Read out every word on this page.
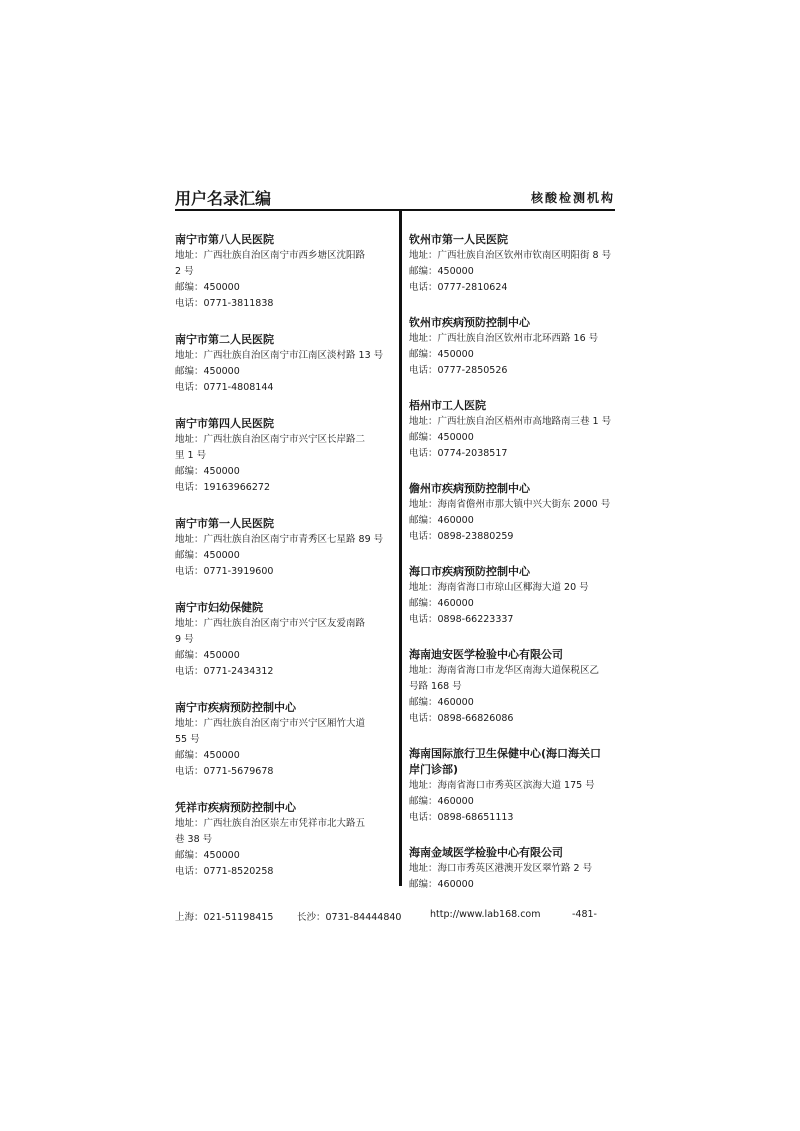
用户名录汇编	核酸检测机构
南宁市第八人民医院
地址：广西壮族自治区南宁市西乡塘区沈阳路
2 号
邮编：450000
电话：0771-3811838
南宁市第二人民医院
地址：广西壮族自治区南宁市江南区淡村路 13 号
邮编：450000
电话：0771-4808144
南宁市第四人民医院
地址：广西壮族自治区南宁市兴宁区长岸路二
里 1 号
邮编：450000
电话：19163966272
南宁市第一人民医院
地址：广西壮族自治区南宁市青秀区七星路 89 号
邮编：450000
电话：0771-3919600
南宁市妇幼保健院
地址：广西壮族自治区南宁市兴宁区友爱南路
9 号
邮编：450000
电话：0771-2434312
南宁市疾病预防控制中心
地址：广西壮族自治区南宁市兴宁区厢竹大道
55 号
邮编：450000
电话：0771-5679678
凭祥市疾病预防控制中心
地址：广西壮族自治区崇左市凭祥市北大路五
巷 38 号
邮编：450000
电话：0771-8520258
钦州市第一人民医院
地址：广西壮族自治区钦州市钦南区明阳街 8 号
邮编：450000
电话：0777-2810624
钦州市疾病预防控制中心
地址：广西壮族自治区钦州市北环西路 16 号
邮编：450000
电话：0777-2850526
梧州市工人医院
地址：广西壮族自治区梧州市高地路南三巷 1 号
邮编：450000
电话：0774-2038517
儋州市疾病预防控制中心
地址：海南省儋州市那大镇中兴大街东 2000 号
邮编：460000
电话：0898-23880259
海口市疾病预防控制中心
地址：海南省海口市琼山区椰海大道 20 号
邮编：460000
电话：0898-66223337
海南迪安医学检验中心有限公司
地址：海南省海口市龙华区南海大道保税区乙
号路 168 号
邮编：460000
电话：0898-66826086
海南国际旅行卫生保健中心(海口海关口
岸门诊部)
地址：海南省海口市秀英区滨海大道 175 号
邮编：460000
电话：0898-68651113
海南金域医学检验中心有限公司
地址：海口市秀英区港澳开发区翠竹路 2 号
邮编：460000
上海：021-51198415 长沙：0731-84444840	http://www.lab168.com	-481-
